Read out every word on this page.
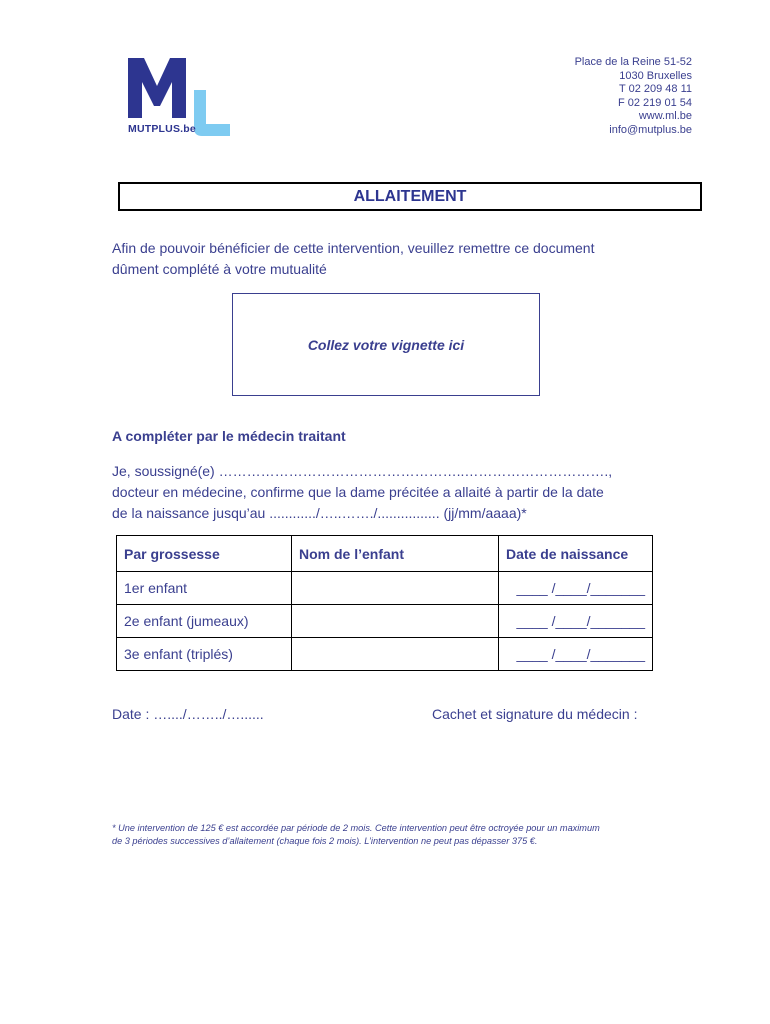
MUTPLUS.be
Place de la Reine 51-52
1030 Bruxelles
T 02 209 48 11
F 02 219 01 54
www.ml.be
info@mutplus.be
ALLAITEMENT
Afin de pouvoir bénéficier de cette intervention, veuillez remettre ce document
dûment complété à votre mutualité
Collez votre vignette ici
A compléter par le médecin traitant
Je, soussigné(e) ……………………………………………..………………………….,
docteur en médecine, confirme que la dame précitée a allaité à partir de la date
de la naissance jusqu’au ............/…..……./................ (jj/mm/aaaa)*
Par grossesse	Nom de l’enfant	Date de naissance
1er enfant		____ /____/_______
2e enfant (jumeaux)		____ /____/_______
3e enfant (triplés)		____ /____/_______
Date : …..../……../…......	Cachet et signature du médecin :
* Une intervention de 125 € est accordée par période de 2 mois. Cette intervention peut être octroyée pour un maximum
de 3 périodes successives d’allaitement (chaque fois 2 mois). L’intervention ne peut pas dépasser 375 €.
